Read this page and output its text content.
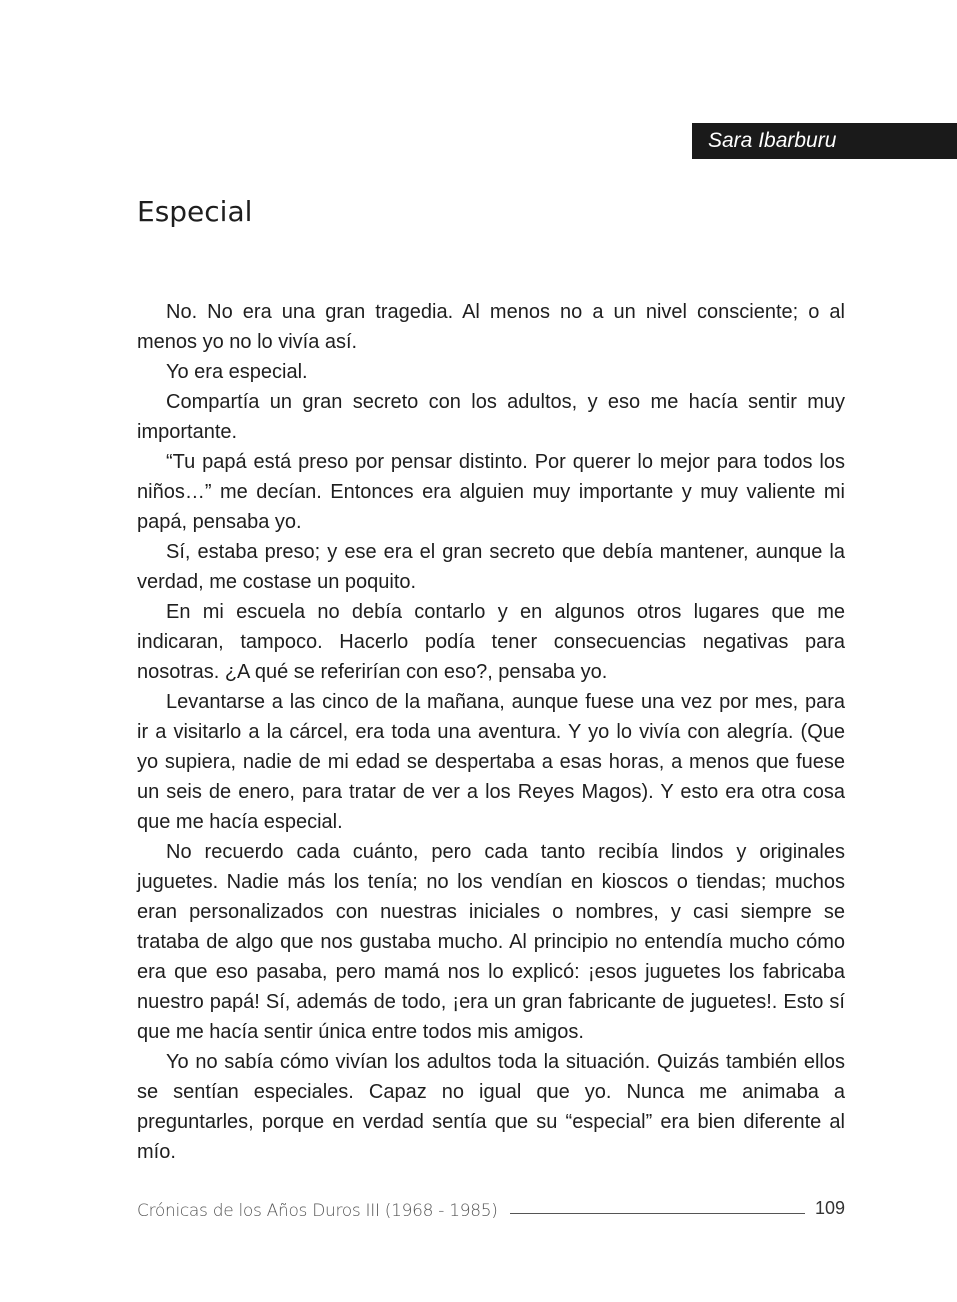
Sara Ibarburu
Especial

No. No era una gran tragedia. Al menos no a un nivel consciente; o al menos yo no lo vivía así.

Yo era especial.

Compartía un gran secreto con los adultos, y eso me hacía sentir muy importante.

“Tu papá está preso por pensar distinto. Por querer lo mejor para todos los niños…” me decían. Entonces era alguien muy importante y muy valiente mi papá, pensaba yo.

Sí, estaba preso; y ese era el gran secreto que debía mantener, aunque la verdad, me costase un poquito.

En mi escuela no debía contarlo y en algunos otros lugares que me indicaran, tampoco. Hacerlo podía tener consecuencias negativas para nosotras. ¿A qué se referirían con eso?, pensaba yo.

Levantarse a las cinco de la mañana, aunque fuese una vez por mes, para ir a visitarlo a la cárcel, era toda una aventura. Y yo lo vivía con alegría. (Que yo supiera, nadie de mi edad se despertaba a esas horas, a menos que fuese un seis de enero, para tratar de ver a los Reyes Magos). Y esto era otra cosa que me hacía especial.

No recuerdo cada cuánto, pero cada tanto recibía lindos y originales juguetes. Nadie más los tenía; no los vendían en kioscos o tiendas; muchos eran personalizados con nuestras iniciales o nombres, y casi siempre se trataba de algo que nos gustaba mucho. Al principio no entendía mucho cómo era que eso pasaba, pero mamá nos lo explicó: ¡esos juguetes los fabricaba nuestro papá! Sí, además de todo, ¡era un gran fabricante de juguetes!. Esto sí que me hacía sentir única entre todos mis amigos.

Yo no sabía cómo vivían los adultos toda la situación. Quizás también ellos se sentían especiales. Capaz no igual que yo. Nunca me animaba a preguntarles, porque en verdad sentía que su “especial” era bien diferente al mío.

Crónicas de los Años Duros III (1968 - 1985)	109
